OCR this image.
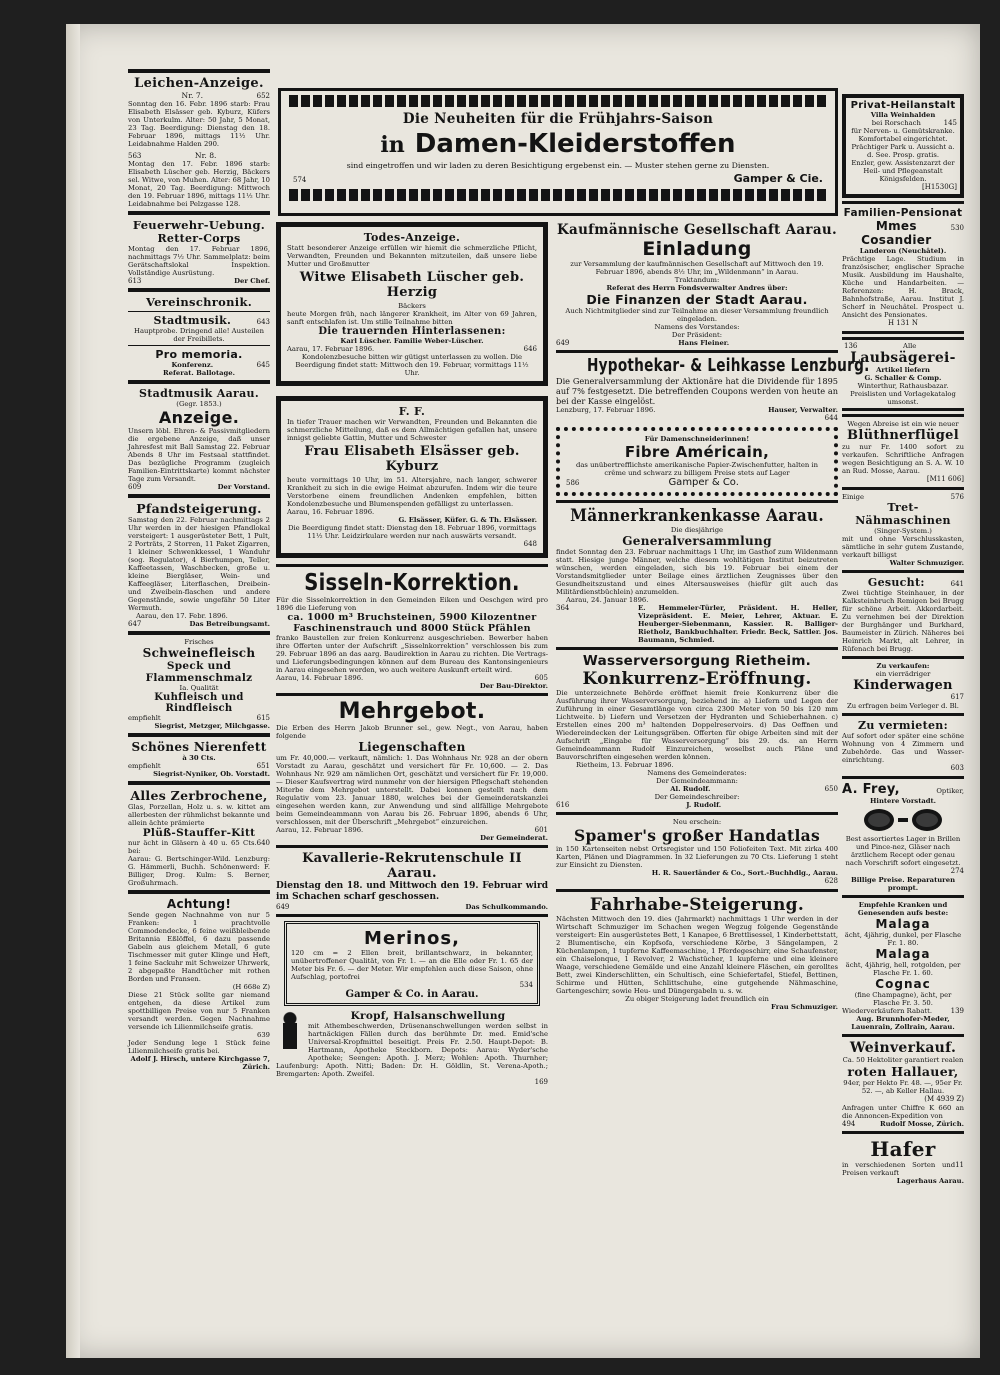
Die Neuheiten für die Frühjahrs-Saison
in Damen-Kleiderstoffen
sind eingetroffen und wir laden zu deren Besichtigung ergebenst ein. — Muster stehen gerne zu Diensten.
574	Gamper & Cie.
Leichen-Anzeige.
Nr. 7.	652
Sonntag den 16. Febr. 1896 starb: Frau Elisabeth Elsässer geb. Kyburz, Küfers von Unterkulm. Alter: 50 Jahr, 5 Monat, 23 Tag. Beerdigung: Dienstag den 18. Februar 1896, mittags 11½ Uhr. Leidabnahme Halden 290.
563	Nr. 8.
Montag den 17. Febr. 1896 starb: Elisabeth Lüscher geb. Herzig, Bäckers sel. Witwe, von Muhen. Alter: 68 Jahr, 10 Monat, 20 Tag. Beerdigung: Mittwoch den 19. Februar 1896, mittags 11½ Uhr. Leidabnahme bei Pelzgasse 128.
Feuerwehr-Uebung.
Retter-Corps
Montag den 17. Februar 1896, nachmittags 7½ Uhr. Sammelplatz: beim Gerätschaftslokal Inspektion. Vollständige Ausrüstung.
613	Der Chef.
Vereinschronik.
Stadtmusik.	643
Hauptprobe. Dringend alle! Austeilen der Freibillets.
Pro memoria.
Konferenz.	645
Referat. Ballotage.
Stadtmusik Aarau.
(Gegr. 1853.)
Anzeige.
Unsern löbl. Ehren- & Passivmitgliedern die ergebene Anzeige, daß unser Jahresfest mit Ball Samstag 22. Februar Abends 8 Uhr im Festsaal stattfindet. Das bezügliche Programm (zugleich Familien-Eintrittskarte) kommt nächster Tage zum Versandt.
609	Der Vorstand.
Pfandsteigerung.
Samstag den 22. Februar nachmittags 2 Uhr werden in der hiesigen Pfandlokal versteigert: 1 ausgerüsteter Bett, 1 Pult, 2 Porträts, 2 Storren, 11 Paket Zigarren, 1 kleiner Schwenkkessel, 1 Wanduhr (sog. Regulator), 4 Bierhumpen, Teller, Kaffeetassen, Waschbecken, große u. kleine Biergläser, Wein- und Kaffeegläser, Literflaschen, Dreibein- und Zweibein-flaschen und andere Gegenstände, sowie ungefähr 50 Liter Wermuth.
Aarau, den 17. Febr. 1896.
647	Das Betreibungsamt.
Frisches
Schweinefleisch
Speck und Flammenschmalz
Ia. Qualität
Kuhfleisch und Rindfleisch
empfiehlt	615
Siegrist, Metzger, Milchgasse.
Schönes Nierenfett
à 30 Cts.
empfiehlt	651
Siegrist-Nyniker, Ob. Vorstadt.
Alles Zerbrochene,
Glas, Porzellan, Holz u. s. w. kittet am allerbesten der rühmlichst bekannte und allein ächte prämierte
Plüß-Stauffer-Kitt
nur ächt in Gläsern à 40 u. 65 Cts. bei:
640
Aarau: G. Bertschinger-Wild. Lenzburg: G. Hämmerli, Buchh. Schönenwerd: F. Billiger, Drog. Kulm: S. Berner, Großuhrmach.
Achtung!
Sende gegen Nachnahme von nur 5 Franken: 1 prachtvolle Commodendecke, 6 feine weißbleibende Britannia Eßlöffel, 6 dazu passende Gabeln aus gleichem Metall, 6 gute Tischmesser mit guter Klinge und Heft, 1 feine Sackuhr mit Schweizer Uhrwerk, 2 abgepaßte Handtücher mit rothen Borden und Fransen.
(H 668e Z)
Diese 21 Stück sollte gar niemand entgehen, da diese Artikel zum spottbilligen Preise von nur 5 Franken versandt werden. Gegen Nachnahme versende ich Lilienmilchseife gratis.
639
Jeder Sendung lege 1 Stück feine Lilienmilchseife gratis bei.
Adolf J. Hirsch, untere Kirchgasse 7, Zürich.
Todes-Anzeige.
Statt besonderer Anzeige erfüllen wir hiemit die schmerzliche Pflicht, Verwandten, Freunden und Bekannten mitzuteilen, daß unsere liebe Mutter und Großmutter
Witwe Elisabeth Lüscher geb. Herzig
Bäckers
heute Morgen früh, nach längerer Krankheit, im Alter von 69 Jahren, sanft entschlafen ist. Um stille Teilnahme bitten
Die trauernden Hinterlassenen:
Karl Lüscher. Familie Weber-Lüscher.
Aarau, 17. Februar 1896.	646
Kondolenzbesuche bitten wir gütigst unterlassen zu wollen. Die Beerdigung findet statt: Mittwoch den 19. Februar, vormittags 11½ Uhr.
F. F.
In tiefer Trauer machen wir Verwandten, Freunden und Bekannten die schmerzliche Mitteilung, daß es dem Allmächtigen gefallen hat, unsere innigst geliebte Gattin, Mutter und Schwester
Frau Elisabeth Elsässer geb. Kyburz
heute vormittags 10 Uhr, im 51. Altersjahre, nach langer, schwerer Krankheit zu sich in die ewige Heimat abzurufen. Indem wir die teure Verstorbene einem freundlichen Andenken empfehlen, bitten Kondolenzbesuche und Blumenspenden gefälligst zu unterlassen.
Aarau, 16. Februar 1896.
G. Elsässer, Küfer. G. & Th. Elsässer.
Die Beerdigung findet statt: Dienstag den 18. Februar 1896, vormittags 11½ Uhr. Leidzirkulare werden nur nach auswärts versandt.
648
Sisseln-Korrektion.
Für die Sisselnkorrektion in den Gemeinden Eiken und Oeschgen wird pro 1896 die Lieferung von
ca. 1000 m³ Bruchsteinen, 5900 Kilozentner Faschinenstrauch und 8000 Stück Pfählen
franko Baustellen zur freien Konkurrenz ausgeschrieben. Bewerber haben ihre Offerten unter der Aufschrift „Sisselnkorrektion“ verschlossen bis zum 29. Februar 1896 an das aarg. Baudirektion in Aarau zu richten. Die Vertrags- und Lieferungsbedingungen können auf dem Bureau des Kantonsingenieurs in Aarau eingesehen werden, wo auch weitere Auskunft erteilt wird.
Aarau, 14. Februar 1896.	605
Der Bau-Direktor.
Mehrgebot.
Die Erben des Herrn Jakob Brunner sel., gew. Negt., von Aarau, haben folgende
Liegenschaften
um Fr. 40,000.— verkauft, nämlich: 1. Das Wohnhaus Nr. 928 an der obern Vorstadt zu Aarau, geschätzt und versichert für Fr. 10,600. — 2. Das Wohnhaus Nr. 929 am nämlichen Ort, geschätzt und versichert für Fr. 19,000. — Dieser Kaufsvertrag wird nunmehr von der hiersigen Pflegschaft stehenden Miterbe dem Mehrgebot unterstellt. Dabei konnen gestellt nach dem Regulativ vom 23. Januar 1880, welches bei der Gemeinderatskanzlei eingesehen werden kann, zur Anwendung und sind allfällige Mehrgebote beim Gemeindeammann von Aarau bis 26. Februar 1896, abends 6 Uhr, verschlossen, mit der Überschrift „Mehrgebot“ einzureichen.
Aarau, 12. Februar 1896.	601
Der Gemeinderat.
Kavallerie-Rekrutenschule II Aarau.
Dienstag den 18. und Mittwoch den 19. Februar wird im Schachen scharf geschossen.
649	Das Schulkommando.
Merinos,
120 cm = 2 Ellen breit, brillantschwarz, in bekannter, unübertroffener Qualität, von Fr. 1. — an die Elle oder Fr. 1. 65 der Meter bis Fr. 6. — der Meter. Wir empfehlen auch diese Saison, ohne Aufschlag, portofrei
534
Gamper & Co. in Aarau.
Kropf, Halsanschwellung
mit Athembeschwerden, Drüsenanschwellungen werden selbst in hartnäckigen Fällen durch das berühmte Dr. med. Emid'sche Universal-Kropfmittel beseitigt. Preis Fr. 2.50. Haupt-Depot: B. Hartmann, Apotheke Steckborn. Depots: Aarau: Wyder'sche Apotheke; Seengen: Apoth. J. Merz; Wohlen: Apoth. Thurnher; Laufenburg: Apoth. Nitti; Baden: Dr. H. Göldlin, St. Verena-Apoth.; Bremgarten: Apoth. Zweifel.
169
Kaufmännische Gesellschaft Aarau.
Einladung
zur Versammlung der kaufmännischen Gesellschaft auf Mittwoch den 19. Februar 1896, abends 8½ Uhr, im „Wildenmann“ in Aarau.
Traktandum:
Referat des Herrn Fondsverwalter Andres über:
Die Finanzen der Stadt Aarau.
Auch Nichtmitglieder sind zur Teilnahme an dieser Versammlung freundlich eingeladen.
Namens des Vorstandes:
Der Präsident:
649	Hans Fleiner.
Hypothekar- & Leihkasse Lenzburg.
Die Generalversammlung der Aktionäre hat die Dividende für 1895 auf 7% festgesetzt. Die betreffenden Coupons werden von heute an bei der Kasse eingelöst.
Lenzburg, 17. Februar 1896.	Hauser, Verwalter.
644
Für Damenschneiderinnen!
Fibre Américain,
das unübertrefflichste amerikanische Papier-Zwischenfutter, halten in crême und schwarz zu billigem Preise stets auf Lager
586	Gamper & Co.
Männerkrankenkasse Aarau.
Die diesjährige
Generalversammlung
findet Sonntag den 23. Februar nachmittags 1 Uhr, im Gasthof zum Wildenmann statt. Hiesige junge Männer, welche diesem wohltätigen Institut beizutreten wünschen, werden eingeladen, sich bis 19. Februar bei einem der Vorstandsmitglieder unter Beilage eines ärztlichen Zeugnisses über den Gesundheitszustand und eines Altersausweises (hiefür gilt auch das Militärdienstbüchlein) anzumelden.
Aarau, 24. Januar 1896.
364	E. Hemmeler-Türler, Präsident. H. Heller, Vizepräsident. E. Meier, Lehrer, Aktuar. E. Heuberger-Siebenmann, Kassier. R. Balliger-Rietholz, Bankbuchhalter. Friedr. Beck, Sattler. Jos. Baumann, Schmied.
Wasserversorgung Rietheim.
Konkurrenz-Eröffnung.
Die unterzeichnete Behörde eröffnet hiemit freie Konkurrenz über die Ausführung ihrer Wasserversorgung, beziehend in: a) Liefern und Legen der Zuführung in einer Gesamtlänge von circa 2300 Meter von 50 bis 120 mm Lichtweite. b) Liefern und Versetzen der Hydranten und Schieberhahnen. c) Erstellen eines 200 m³ haltenden Doppelreservoirs. d) Das Oeffnen und Wiedereindecken der Leitungsgräben. Offerten für obige Arbeiten sind mit der Aufschrift „Eingabe für Wasserversorgung“ bis 29. ds. an Herrn Gemeindeammann Rudolf Einzureichen, woselbst auch Pläne und Bauvorschriften eingesehen werden können.
Rietheim, 13. Februar 1896.
Namens des Gemeinderates:
Der Gemeindeammann:
Al. Rudolf.	650
Der Gemeindeschreiber:
616	J. Rudolf.
Neu erschein:
Spamer's großer Handatlas
in 150 Kartenseiten nebst Ortsregister und 150 Foliofeiten Text. Mit zirka 400 Karten, Plänen und Diagrammen. In 32 Lieferungen zu 70 Cts. Lieferung 1 steht zur Einsicht zu Diensten.
H. R. Sauerländer & Co., Sort.-Buchhdlg., Aarau.
628
Fahrhabe-Steigerung.
Nächsten Mittwoch den 19. dies (Jahrmarkt) nachmittags 1 Uhr werden in der Wirtschaft Schmuziger im Schachen wegen Wegzug folgende Gegenstände versteigert: Ein ausgerüstetes Bett, 1 Kanapee, 6 Brettlisessel, 1 Kinderbettstatt, 2 Blumentische, ein Kopfsofa, verschiedene Körbe, 3 Sängelampen, 2 Küchenlampen, 1 tupferne Kaffeemaschine, 1 Pferdegeschirr, eine Schaufenster, ein Chaiselonque, 1 Revolver, 2 Wachstücher, 1 kupferne und eine kleinere Waage, verschiedene Gemälde und eine Anzahl kleinere Fläschen, ein gerolltes Bett, zwei Kinderschlitten, ein Schultisch, eine Schiefertafel, Stiefel, Bettinen, Schirme und Hütten, Schlittschuhe, eine gutgehende Nähmaschine, Gartengeschirr, sowie Heu- und Düngergabeln u. s. w.
Zu obiger Steigerung ladet freundlich ein
Frau Schmuziger.
Privat-Heilanstalt
Villa Weinhalden
bei Rorschach	145
für Nerven- u. Gemütskranke. Komfortabel eingerichtet. Prächtiger Park u. Aussicht a. d. See. Prosp. gratis.
Enzler, gew. Assistenzarzt der Heil- und Pflegeanstalt Königsfelden.
[H1530G]
Familien-Pensionat
Mmes Cosandier
530
Landeron (Neuchâtel).
Prächtige Lage. Studium in französischer, englischer Sprache Musik. Ausbildung im Haushalte, Küche und Handarbeiten. — Referenzen: H. Brack, Bahnhofstraße, Aarau. Institut J. Scherf in Neuchâtel. Prospect u. Ansicht des Pensionates.
H 131 N
136	Alle
Laubsägerei-
Artikel liefern
G. Schaller & Comp.
Winterthur, Rathausbazar.
Preislisten und Vorlagekatalog umsonst.
Wegen Abreise ist ein wie neuer
Blüthnerflügel
zu nur Fr. 1400 sofort zu verkaufen. Schriftliche Anfragen wegen Besichtigung an S. A. W. 10 an Rud. Mosse, Aarau.
[M11 606]
Einige	576
Tret-Nähmaschinen
(Singer-System.)
mit und ohne Verschlusskasten, sämtliche in sehr gutem Zustande, verkauft billigst
Walter Schmuziger.
Gesucht:	641
Zwei tüchtige Steinhauer, in der Kalksteinbruch Remigen bei Brugg für schöne Arbeit. Akkordarbeit. Zu vernehmen bei der Direktion der Burghänger und Burkhard, Baumeister in Zürich. Näheres bei Heinrich Markt, alt Lehrer, in Rüfenach bei Brugg.
Zu verkaufen:
ein vierrädriger
Kinderwagen
617
Zu erfragen beim Verleger d. Bl.
Zu vermieten:
Auf sofort oder später eine schöne Wohnung von 4 Zimmern und Zubehörde. Gas und Wasser-einrichtung.
603
A. Frey,	Optiker,
Hintere Vorstadt.
Best assortiertes Lager in Brillen und Pince-nez, Gläser nach ärztlichem Recept oder genau nach Vorschrift sofort eingesetzt.
274
Billige Preise. Reparaturen prompt.
Empfehle Kranken und Genesenden aufs beste:
Malaga
ächt, 4jährig, dunkel, per Flasche Fr. 1. 80.
Malaga
ächt, 4jährig, hell, rotgolden, per Flasche Fr. 1. 60.
Cognac
(fine Champagne), ächt, per Flasche Fr. 3. 50.
Wiederverkäufern Rabatt.	139
Aug. Brunnhofer-Meder, Lauenrain, Zollrain, Aarau.
Weinverkauf.
Ca. 50 Hektoliter garantiert realen
roten Hallauer,
94er, per Hekto Fr. 48. —, 95er Fr. 52. —, ab Keller Hallau.
(M 4939 Z)
Anfragen unter Chiffre K 660 an die Annoncen-Expedition von
494	Rudolf Mosse, Zürich.
Hafer
in verschiedenen Sorten und Preisen verkauft
11
Lagerhaus Aarau.
